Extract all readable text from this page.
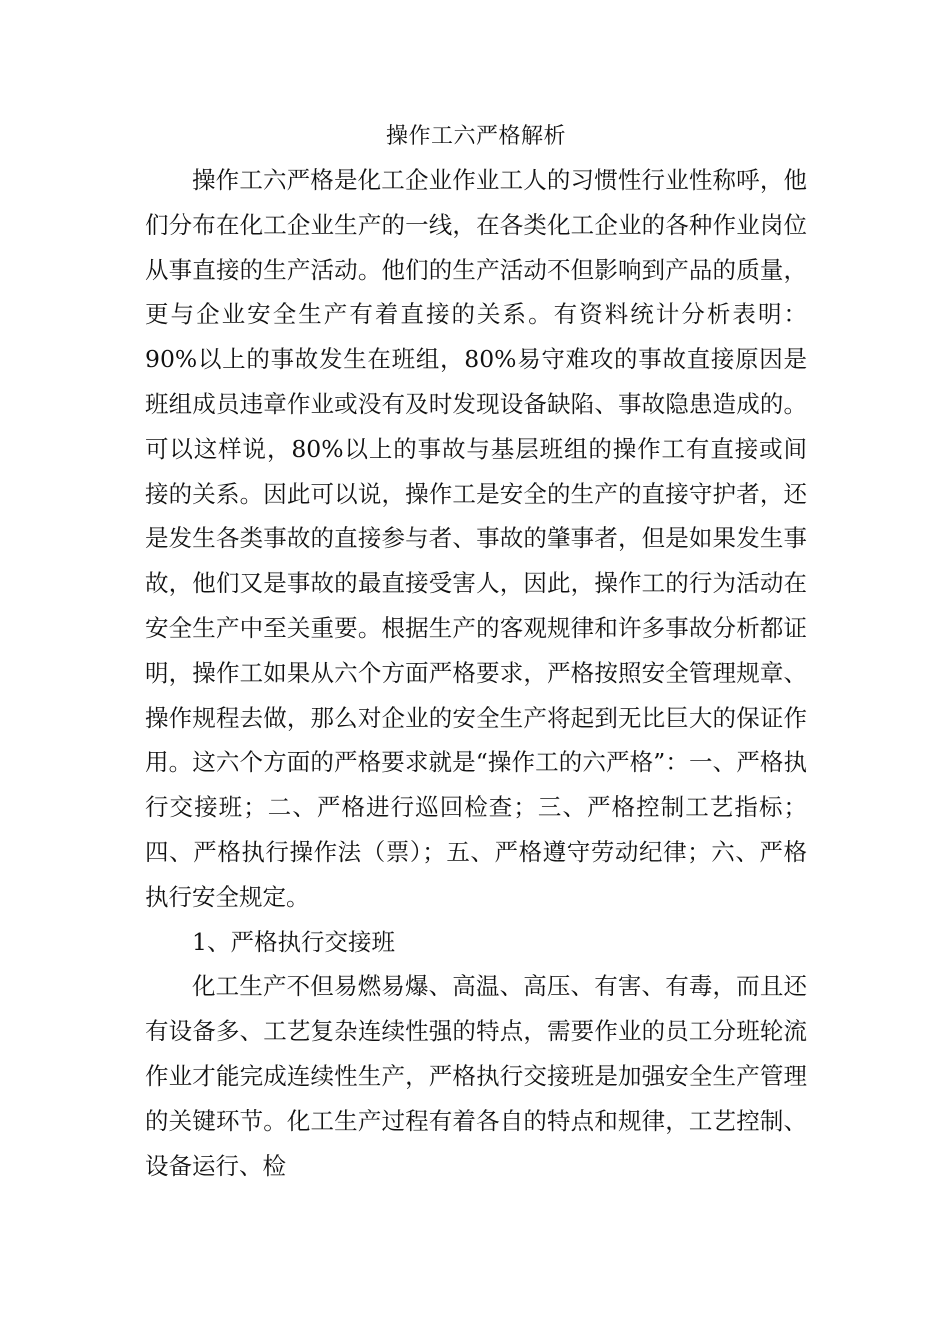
操作工六严格解析

操作工六严格是化工企业作业工人的习惯性行业性称呼，他们分布在化工企业生产的一线，在各类化工企业的各种作业岗位从事直接的生产活动。他们的生产活动不但影响到产品的质量，更与企业安全生产有着直接的关系。有资料统计分析表明：90%以上的事故发生在班组，80%易守难攻的事故直接原因是班组成员违章作业或没有及时发现设备缺陷、事故隐患造成的。可以这样说，80%以上的事故与基层班组的操作工有直接或间接的关系。因此可以说，操作工是安全的生产的直接守护者，还是发生各类事故的直接参与者、事故的肇事者，但是如果发生事故，他们又是事故的最直接受害人，因此，操作工的行为活动在安全生产中至关重要。根据生产的客观规律和许多事故分析都证明，操作工如果从六个方面严格要求，严格按照安全管理规章、操作规程去做，那么对企业的安全生产将起到无比巨大的保证作用。这六个方面的严格要求就是“操作工的六严格”：一、严格执行交接班；二、严格进行巡回检查；三、严格控制工艺指标；四、严格执行操作法（票）；五、严格遵守劳动纪律；六、严格执行安全规定。

1、严格执行交接班

化工生产不但易燃易爆、高温、高压、有害、有毒，而且还有设备多、工艺复杂连续性强的特点，需要作业的员工分班轮流作业才能完成连续性生产，严格执行交接班是加强安全生产管理的关键环节。化工生产过程有着各自的特点和规律，工艺控制、设备运行、检
